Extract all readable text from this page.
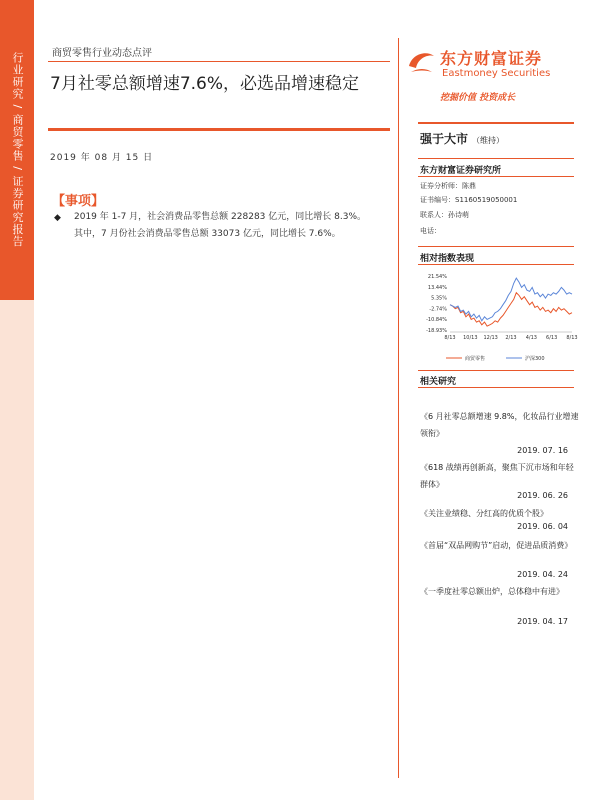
行业研究 / 商贸零售 / 证券研究报告	商贸零售行业动态点评
7月社零总额增速7.6%，必选品增速稳定
2019 年 08 月 15 日
【事项】
◆ 2019 年 1-7 月，社会消费品零售总额 228283 亿元，同比增长 8.3%。
其中，7 月份社会消费品零售总额 33073 亿元，同比增长 7.6%。
东方财富证券
Eastmoney Securities
挖掘价值 投资成长
强于大市 （维持）
东方财富证券研究所
证券分析师：陈鼎
证书编号：S1160519050001
联系人：孙诗萌
电话：
相对指数表现
21.54%
13.44%
5.35%
-2.74%
-10.84%
-18.93%
8/13 10/13 12/13 2/13 4/13 6/13 8/13
商贸零售	沪深300
相关研究
《6 月社零总额增速 9.8%，化妆品行业增速领衔》
2019. 07. 16
《618 战绩再创新高，聚焦下沉市场和年轻群体》
2019. 06. 26
《关注业绩稳、分红高的优质个股》
2019. 06. 04
《首届“双品网购节”启动，促进品质消费》
2019. 04. 24
《一季度社零总额出炉，总体稳中有进》
2019. 04. 17
